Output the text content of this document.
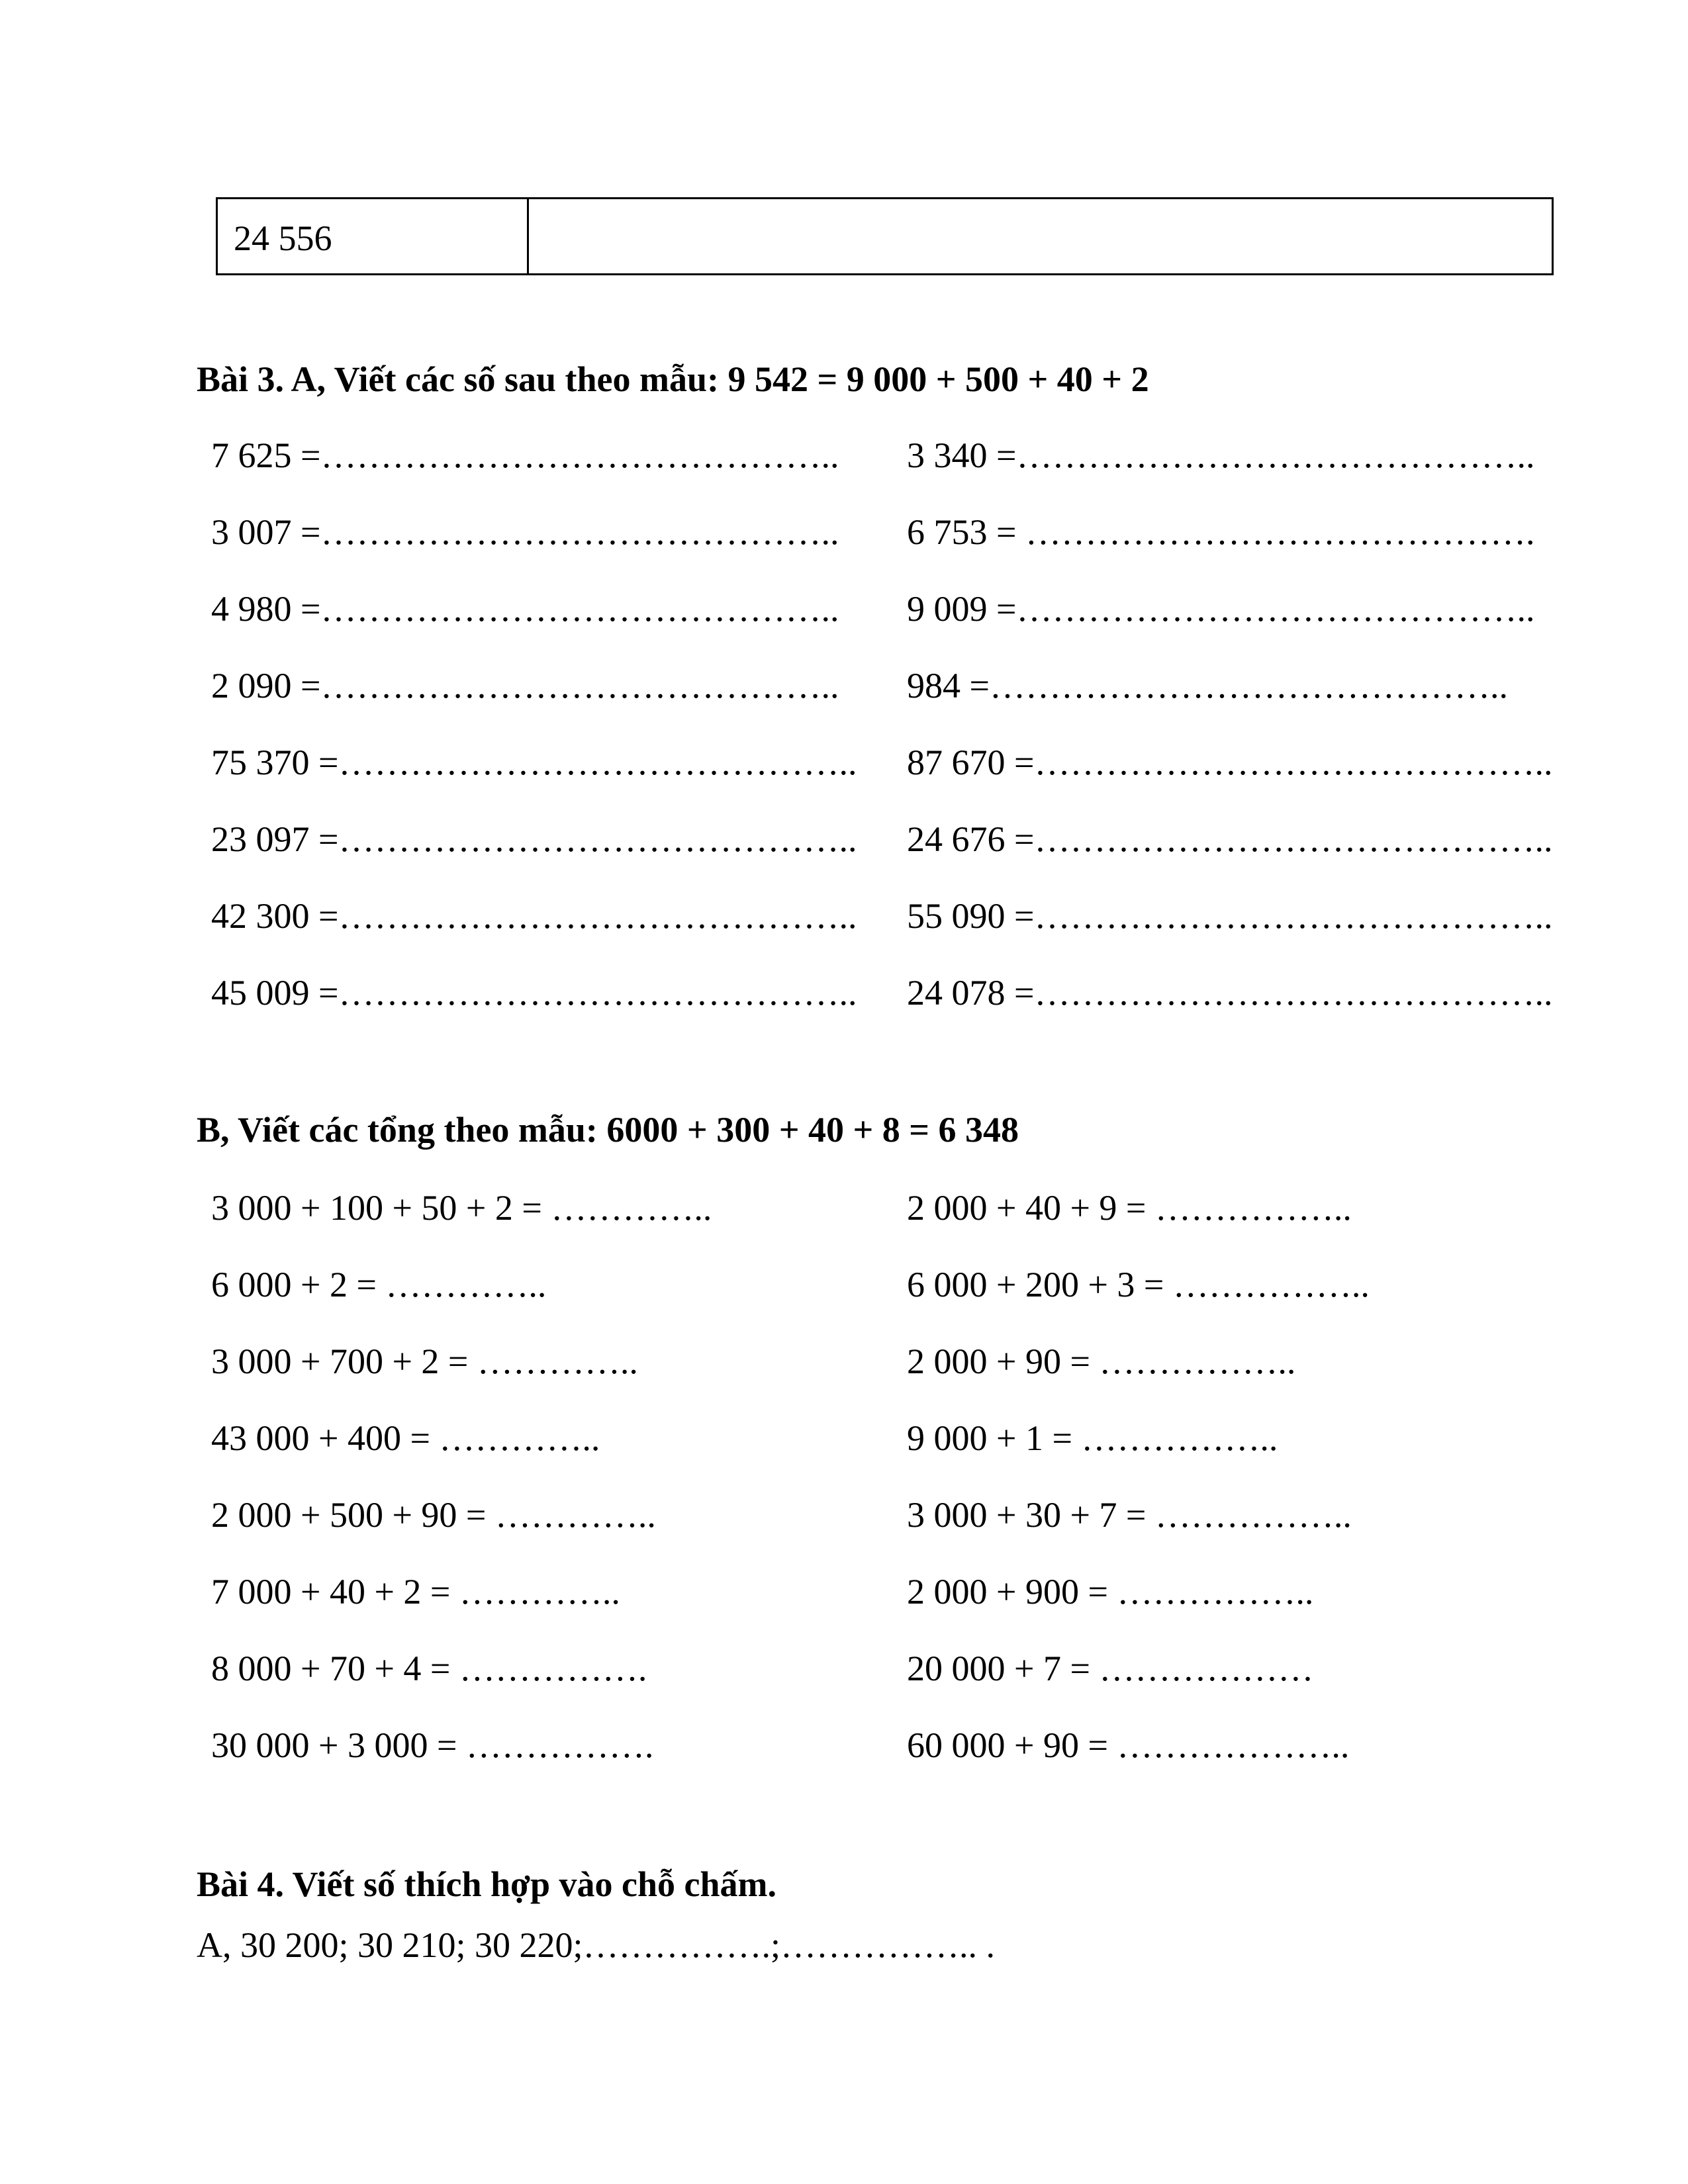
24 556
Bài 3. A, Viết các số sau theo mẫu: 9 542 = 9 000 + 500 + 40 + 2
7 625 =……………………………………..
3 007 =……………………………………..
4 980 =……………………………………..
2 090 =……………………………………..
75 370 =……………………………………..
23 097 =……………………………………..
42 300 =……………………………………..
45 009 =……………………………………..
3 340 =……………………………………..
6 753 = …………………………………….
9 009 =……………………………………..
984 =……………………………………..
87 670 =……………………………………..
24 676 =……………………………………..
55 090 =……………………………………..
24 078 =……………………………………..
B, Viết các tổng theo mẫu: 6000 + 300 + 40 + 8 = 6 348
3 000 + 100 + 50 + 2 = …………..
6 000 + 2 = …………..
3 000 + 700 + 2 = …………..
43 000 + 400 = …………..
2 000 + 500 + 90 = …………..
7 000 + 40 + 2 = …………..
8 000 + 70 + 4 = …………….
30 000 + 3 000 = …………….
2 000 + 40 + 9 = ……………..
6 000 + 200 + 3 = ……………..
2 000 + 90 = ……………..
9 000 + 1 = ……………..
3 000 + 30 + 7 = ……………..
2 000 + 900 = ……………..
20 000 + 7 = ………………
60 000 + 90 = ………………..
Bài 4. Viết số thích hợp vào chỗ chấm.
A, 30 200; 30 210; 30 220;…………….;…………….. .
